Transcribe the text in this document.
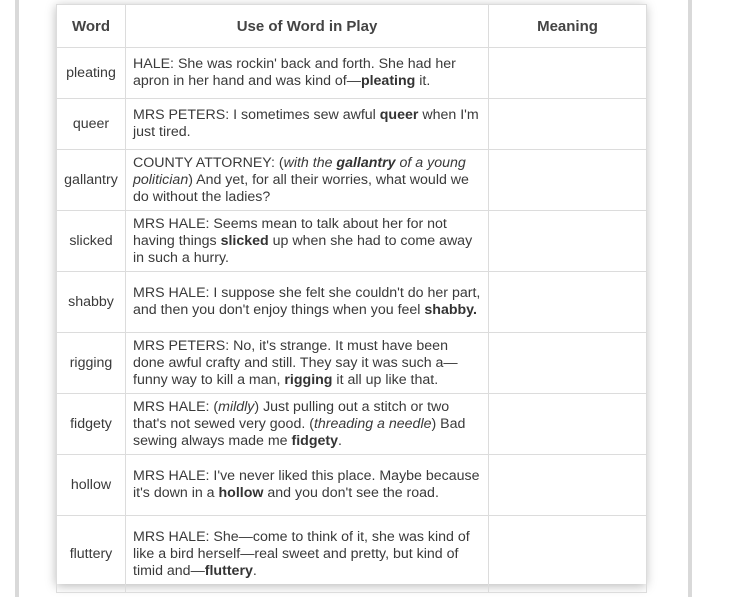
Word	Use of Word in Play	Meaning
pleating	HALE: She was rockin' back and forth. She had her apron in her hand and was kind of—pleating it.	
queer	MRS PETERS: I sometimes sew awful queer when I'm just tired.	
gallantry	COUNTY ATTORNEY: (with the gallantry of a young politician) And yet, for all their worries, what would we do without the ladies?	
slicked	MRS HALE: Seems mean to talk about her for not having things slicked up when she had to come away in such a hurry.	
shabby	MRS HALE: I suppose she felt she couldn't do her part, and then you don't enjoy things when you feel shabby.	
rigging	MRS PETERS: No, it's strange. It must have been done awful crafty and still. They say it was such a—funny way to kill a man, rigging it all up like that.	
fidgety	MRS HALE: (mildly) Just pulling out a stitch or two that's not sewed very good. (threading a needle) Bad sewing always made me fidgety.	
hollow	MRS HALE: I've never liked this place. Maybe because it's down in a hollow and you don't see the road.	
fluttery	MRS HALE: She—come to think of it, she was kind of like a bird herself—real sweet and pretty, but kind of timid and—fluttery.	
